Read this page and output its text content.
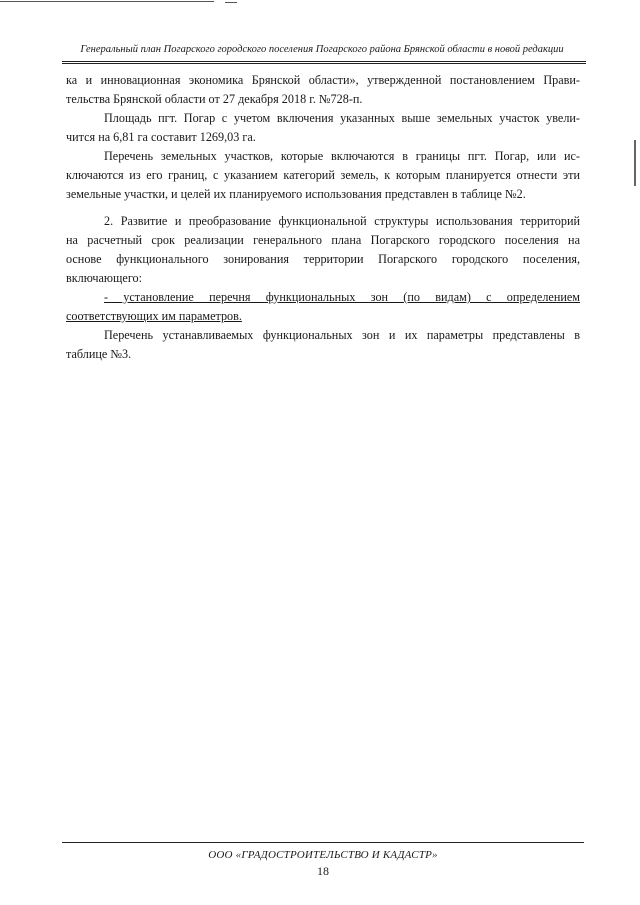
Генеральный план Погарского городского поселения Погарского района Брянской области в новой редакции
ка и инновационная экономика Брянской области», утвержденной постановлением Прави-
тельства Брянской области от 27 декабря 2018 г. №728-п.
Площадь пгт. Погар с учетом включения указанных выше земельных участок увели-
чится на 6,81 га составит 1269,03 га.
Перечень земельных участков, которые включаются в границы пгт. Погар, или ис-
ключаются из его границ, с указанием категорий земель, к которым планируется отнести эти
земельные участки, и целей их планируемого использования представлен в таблице №2.
2. Развитие и преобразование функциональной структуры использования территорий
на расчетный срок реализации генерального плана Погарского городского поселения на
основе функционального зонирования территории Погарского городского поселения,
включающего:
- установление перечня функциональных зон (по видам) с определением
соответствующих им параметров.
Перечень устанавливаемых функциональных зон и их параметры представлены в
таблице №3.
ООО «ГРАДОСТРОИТЕЛЬСТВО И КАДАСТР»
18
